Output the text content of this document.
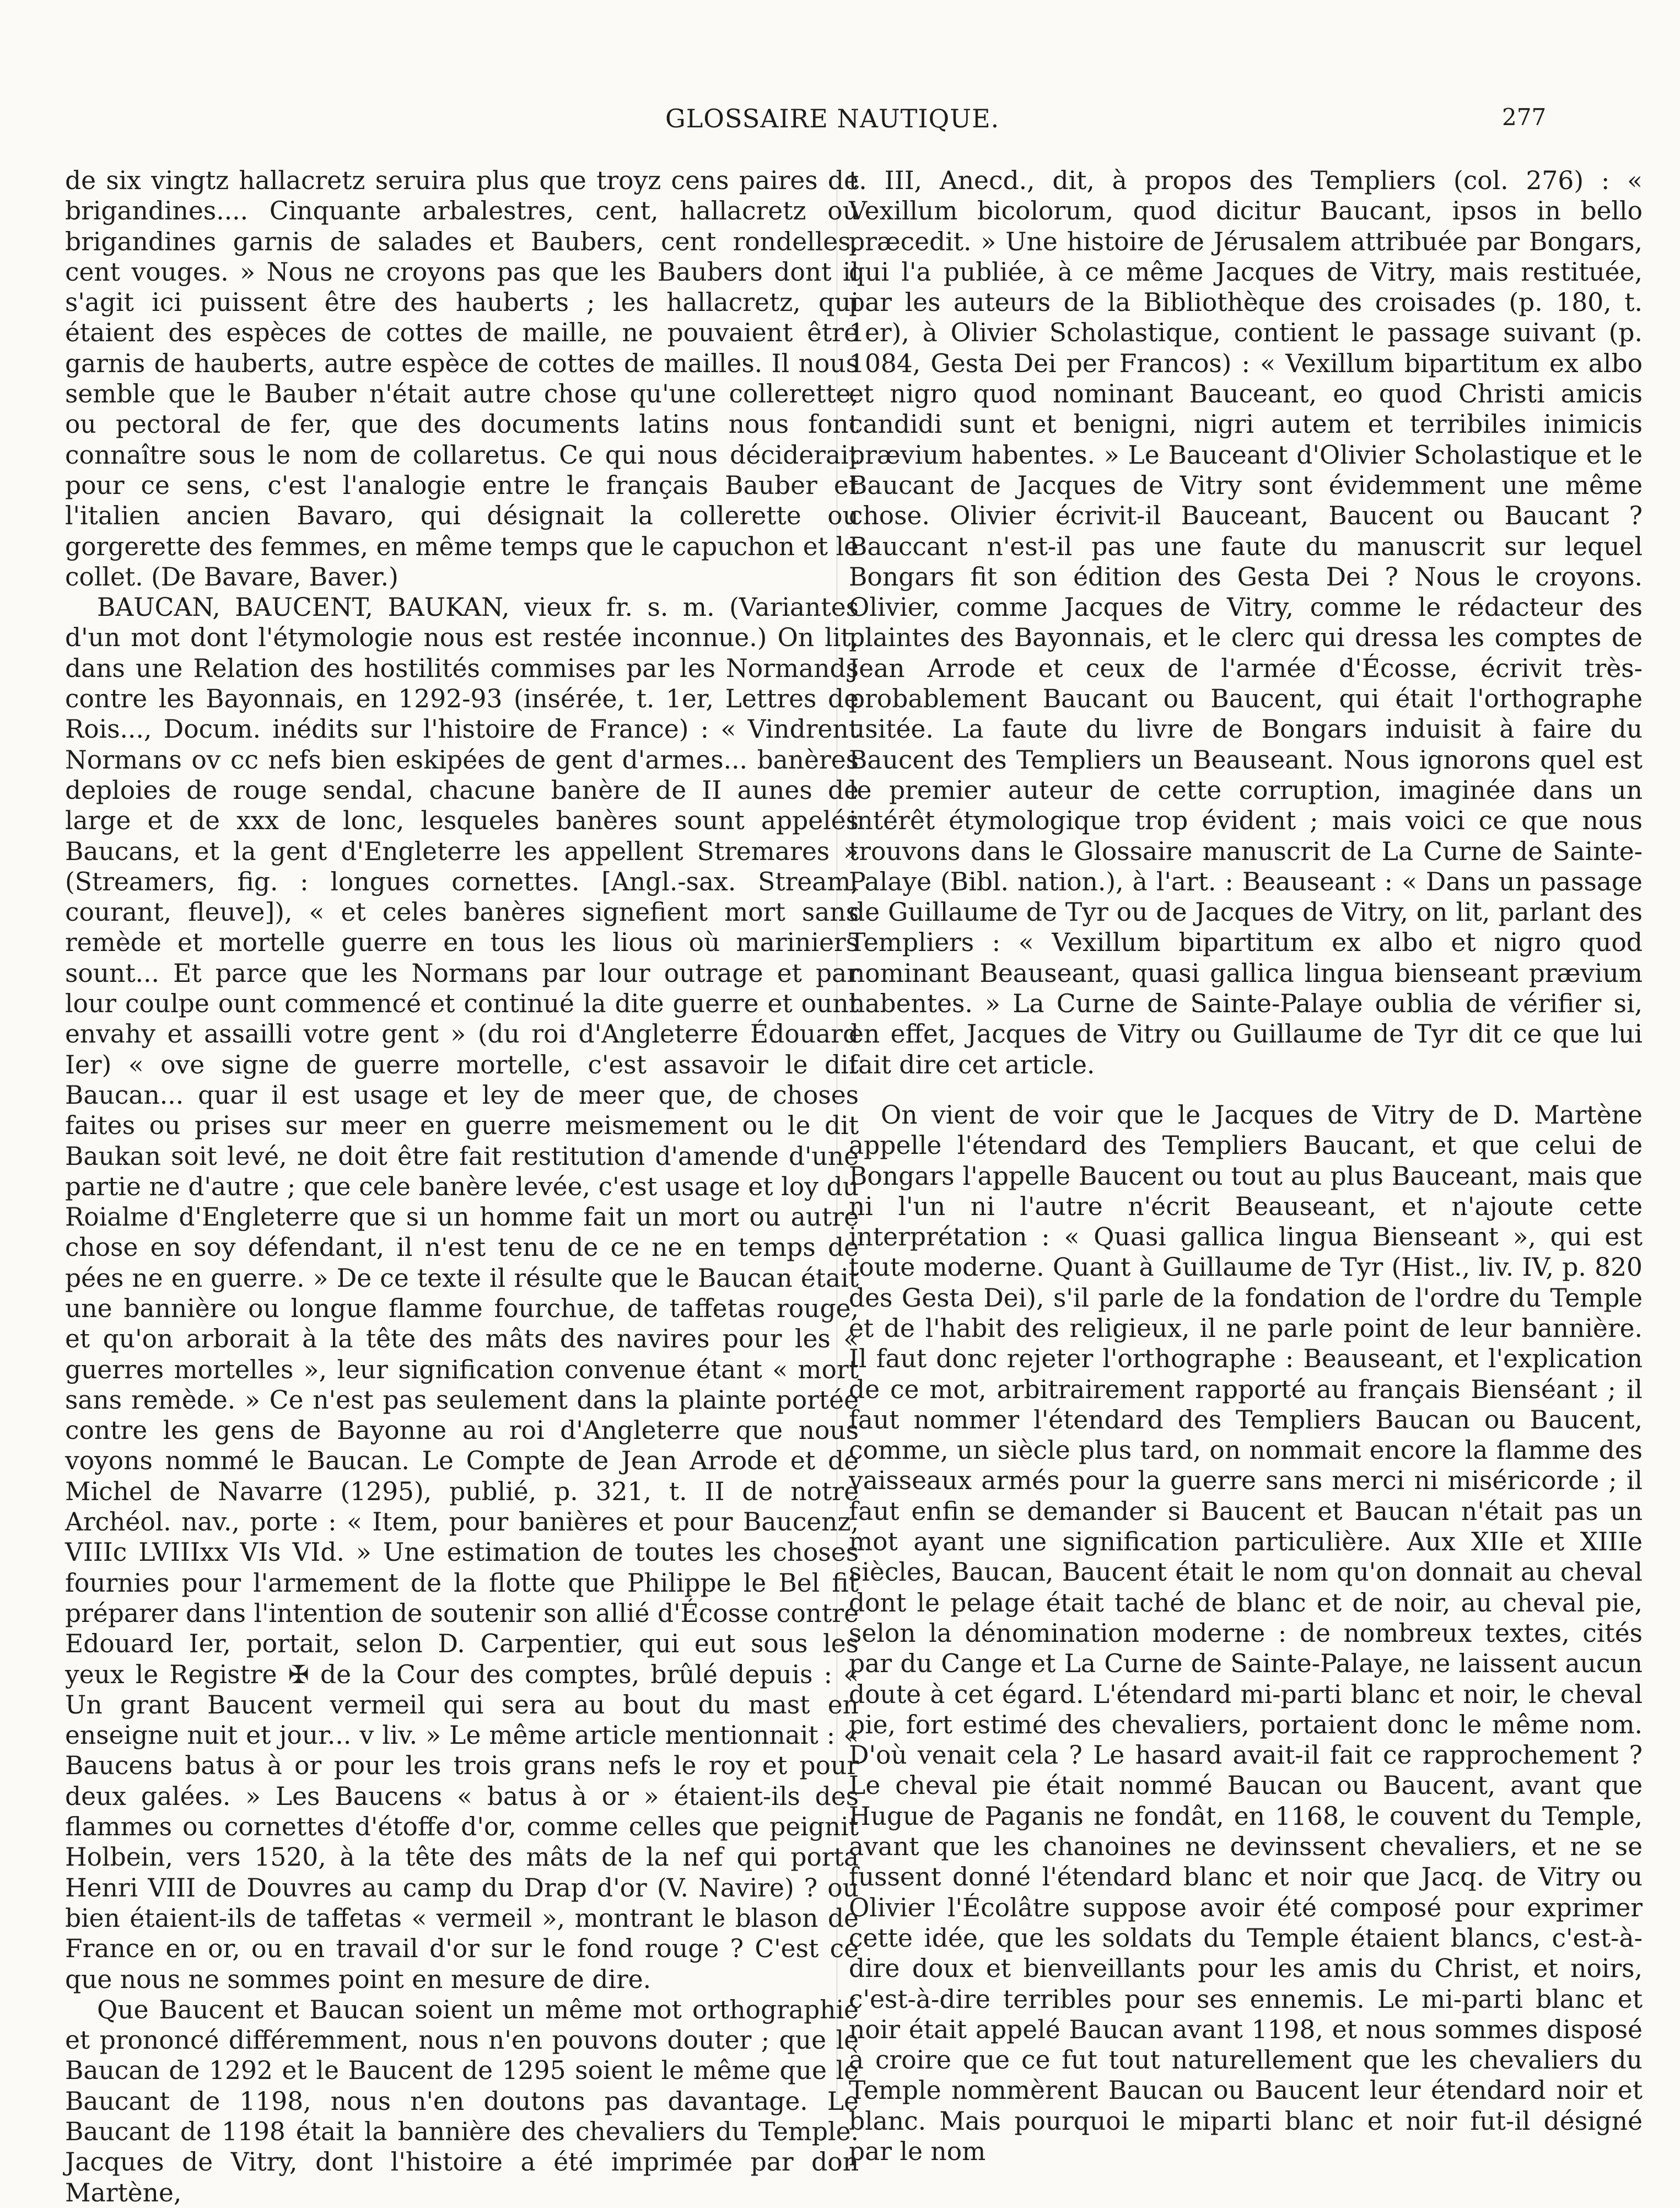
GLOSSAIRE NAUTIQUE.	277

de six vingtz hallacretz seruira plus que troyz cens paires de brigandines.... Cinquante arbalestres, cent, hallacretz ou brigandines garnis de salades et Baubers, cent rondelles, cent vouges. » Nous ne croyons pas que les Baubers dont il s'agit ici puissent être des hauberts ; les hallacretz, qui étaient des espèces de cottes de maille, ne pouvaient être garnis de hauberts, autre espèce de cottes de mailles. Il nous semble que le Bauber n'était autre chose qu'une collerette, ou pectoral de fer, que des documents latins nous font connaître sous le nom de collaretus. Ce qui nous déciderait pour ce sens, c'est l'analogie entre le français Bauber et l'italien ancien Bavaro, qui désignait la collerette ou gorgerette des femmes, en même temps que le capuchon et le collet. (De Bavare, Baver.)

BAUCAN, BAUCENT, BAUKAN, vieux fr. s. m. (Variantes d'un mot dont l'étymologie nous est restée inconnue.) On lit, dans une Relation des hostilités commises par les Normands contre les Bayonnais, en 1292-93 (insérée, t. 1er, Lettres de Rois..., Docum. inédits sur l'histoire de France) : « Vindrent Normans ov cc nefs bien eskipées de gent d'armes... banères deploies de rouge sendal, chacune banère de II aunes de large et de xxx de lonc, lesqueles banères sount appelés Baucans, et la gent d'Engleterre les appellent Stremares » (Streamers, fig. : longues cornettes. [Angl.-sax. Stream, courant, fleuve]), « et celes banères signefient mort sans remède et mortelle guerre en tous les lious où mariniers sount... Et parce que les Normans par lour outrage et par lour coulpe ount commencé et continué la dite guerre et ount envahy et assailli votre gent » (du roi d'Angleterre Édouard Ier) « ove signe de guerre mortelle, c'est assavoir le dit Baucan... quar il est usage et ley de meer que, de choses faites ou prises sur meer en guerre meismement ou le dit Baukan soit levé, ne doit être fait restitution d'amende d'une partie ne d'autre ; que cele banère levée, c'est usage et loy du Roialme d'Engleterre que si un homme fait un mort ou autre chose en soy défendant, il n'est tenu de ce ne en temps de pées ne en guerre. » De ce texte il résulte que le Baucan était une bannière ou longue flamme fourchue, de taffetas rouge, et qu'on arborait à la tête des mâts des navires pour les « guerres mortelles », leur signification convenue étant « mort sans remède. » Ce n'est pas seulement dans la plainte portée contre les gens de Bayonne au roi d'Angleterre que nous voyons nommé le Baucan. Le Compte de Jean Arrode et de Michel de Navarre (1295), publié, p. 321, t. II de notre Archéol. nav., porte : « Item, pour banières et pour Baucenz, VIIIc LVIIIxx VIs VId. » Une estimation de toutes les choses fournies pour l'armement de la flotte que Philippe le Bel fit préparer dans l'intention de soutenir son allié d'Écosse contre Edouard Ier, portait, selon D. Carpentier, qui eut sous les yeux le Registre ✠ de la Cour des comptes, brûlé depuis : « Un grant Baucent vermeil qui sera au bout du mast en enseigne nuit et jour... v liv. » Le même article mentionnait : « Baucens batus à or pour les trois grans nefs le roy et pour deux galées. » Les Baucens « batus à or » étaient-ils des flammes ou cornettes d'étoffe d'or, comme celles que peignit Holbein, vers 1520, à la tête des mâts de la nef qui porta Henri VIII de Douvres au camp du Drap d'or (V. Navire) ? ou bien étaient-ils de taffetas « vermeil », montrant le blason de France en or, ou en travail d'or sur le fond rouge ? C'est ce que nous ne sommes point en mesure de dire.

Que Baucent et Baucan soient un même mot orthographié et prononcé différemment, nous n'en pouvons douter ; que le Baucan de 1292 et le Baucent de 1295 soient le même que le Baucant de 1198, nous n'en doutons pas davantage. Le Baucant de 1198 était la bannière des chevaliers du Temple. Jacques de Vitry, dont l'histoire a été imprimée par don Martène,

t. III, Anecd., dit, à propos des Templiers (col. 276) : « Vexillum bicolorum, quod dicitur Baucant, ipsos in bello præcedit. » Une histoire de Jérusalem attribuée par Bongars, qui l'a publiée, à ce même Jacques de Vitry, mais restituée, par les auteurs de la Bibliothèque des croisades (p. 180, t. 1er), à Olivier Scholastique, contient le passage suivant (p. 1084, Gesta Dei per Francos) : « Vexillum bipartitum ex albo et nigro quod nominant Bauceant, eo quod Christi amicis candidi sunt et benigni, nigri autem et terribiles inimicis prævium habentes. » Le Bauceant d'Olivier Scholastique et le Baucant de Jacques de Vitry sont évidemment une même chose. Olivier écrivit-il Bauceant, Baucent ou Baucant ? Bauccant n'est-il pas une faute du manuscrit sur lequel Bongars fit son édition des Gesta Dei ? Nous le croyons. Olivier, comme Jacques de Vitry, comme le rédacteur des plaintes des Bayonnais, et le clerc qui dressa les comptes de Jean Arrode et ceux de l'armée d'Écosse, écrivit très-probablement Baucant ou Baucent, qui était l'orthographe usitée. La faute du livre de Bongars induisit à faire du Baucent des Templiers un Beauseant. Nous ignorons quel est le premier auteur de cette corruption, imaginée dans un intérêt étymologique trop évident ; mais voici ce que nous trouvons dans le Glossaire manuscrit de La Curne de Sainte-Palaye (Bibl. nation.), à l'art. : Beauseant : « Dans un passage de Guillaume de Tyr ou de Jacques de Vitry, on lit, parlant des Templiers : « Vexillum bipartitum ex albo et nigro quod nominant Beauseant, quasi gallica lingua bienseant prævium habentes. » La Curne de Sainte-Palaye oublia de vérifier si, en effet, Jacques de Vitry ou Guillaume de Tyr dit ce que lui fait dire cet article.

On vient de voir que le Jacques de Vitry de D. Martène appelle l'étendard des Templiers Baucant, et que celui de Bongars l'appelle Baucent ou tout au plus Bauceant, mais que ni l'un ni l'autre n'écrit Beauseant, et n'ajoute cette interprétation : « Quasi gallica lingua Bienseant », qui est toute moderne. Quant à Guillaume de Tyr (Hist., liv. IV, p. 820 des Gesta Dei), s'il parle de la fondation de l'ordre du Temple et de l'habit des religieux, il ne parle point de leur bannière. Il faut donc rejeter l'orthographe : Beauseant, et l'explication de ce mot, arbitrairement rapporté au français Bienséant ; il faut nommer l'étendard des Templiers Baucan ou Baucent, comme, un siècle plus tard, on nommait encore la flamme des vaisseaux armés pour la guerre sans merci ni miséricorde ; il faut enfin se demander si Baucent et Baucan n'était pas un mot ayant une signification particulière. Aux XIIe et XIIIe siècles, Baucan, Baucent était le nom qu'on donnait au cheval dont le pelage était taché de blanc et de noir, au cheval pie, selon la dénomination moderne : de nombreux textes, cités par du Cange et La Curne de Sainte-Palaye, ne laissent aucun doute à cet égard. L'étendard mi-parti blanc et noir, le cheval pie, fort estimé des chevaliers, portaient donc le même nom. D'où venait cela ? Le hasard avait-il fait ce rapprochement ? Le cheval pie était nommé Baucan ou Baucent, avant que Hugue de Paganis ne fondât, en 1168, le couvent du Temple, avant que les chanoines ne devinssent chevaliers, et ne se fussent donné l'étendard blanc et noir que Jacq. de Vitry ou Olivier l'Écolâtre suppose avoir été composé pour exprimer cette idée, que les soldats du Temple étaient blancs, c'est-à-dire doux et bienveillants pour les amis du Christ, et noirs, c'est-à-dire terribles pour ses ennemis. Le mi-parti blanc et noir était appelé Baucan avant 1198, et nous sommes disposé à croire que ce fut tout naturellement que les chevaliers du Temple nommèrent Baucan ou Baucent leur étendard noir et blanc. Mais pourquoi le miparti blanc et noir fut-il désigné par le nom
